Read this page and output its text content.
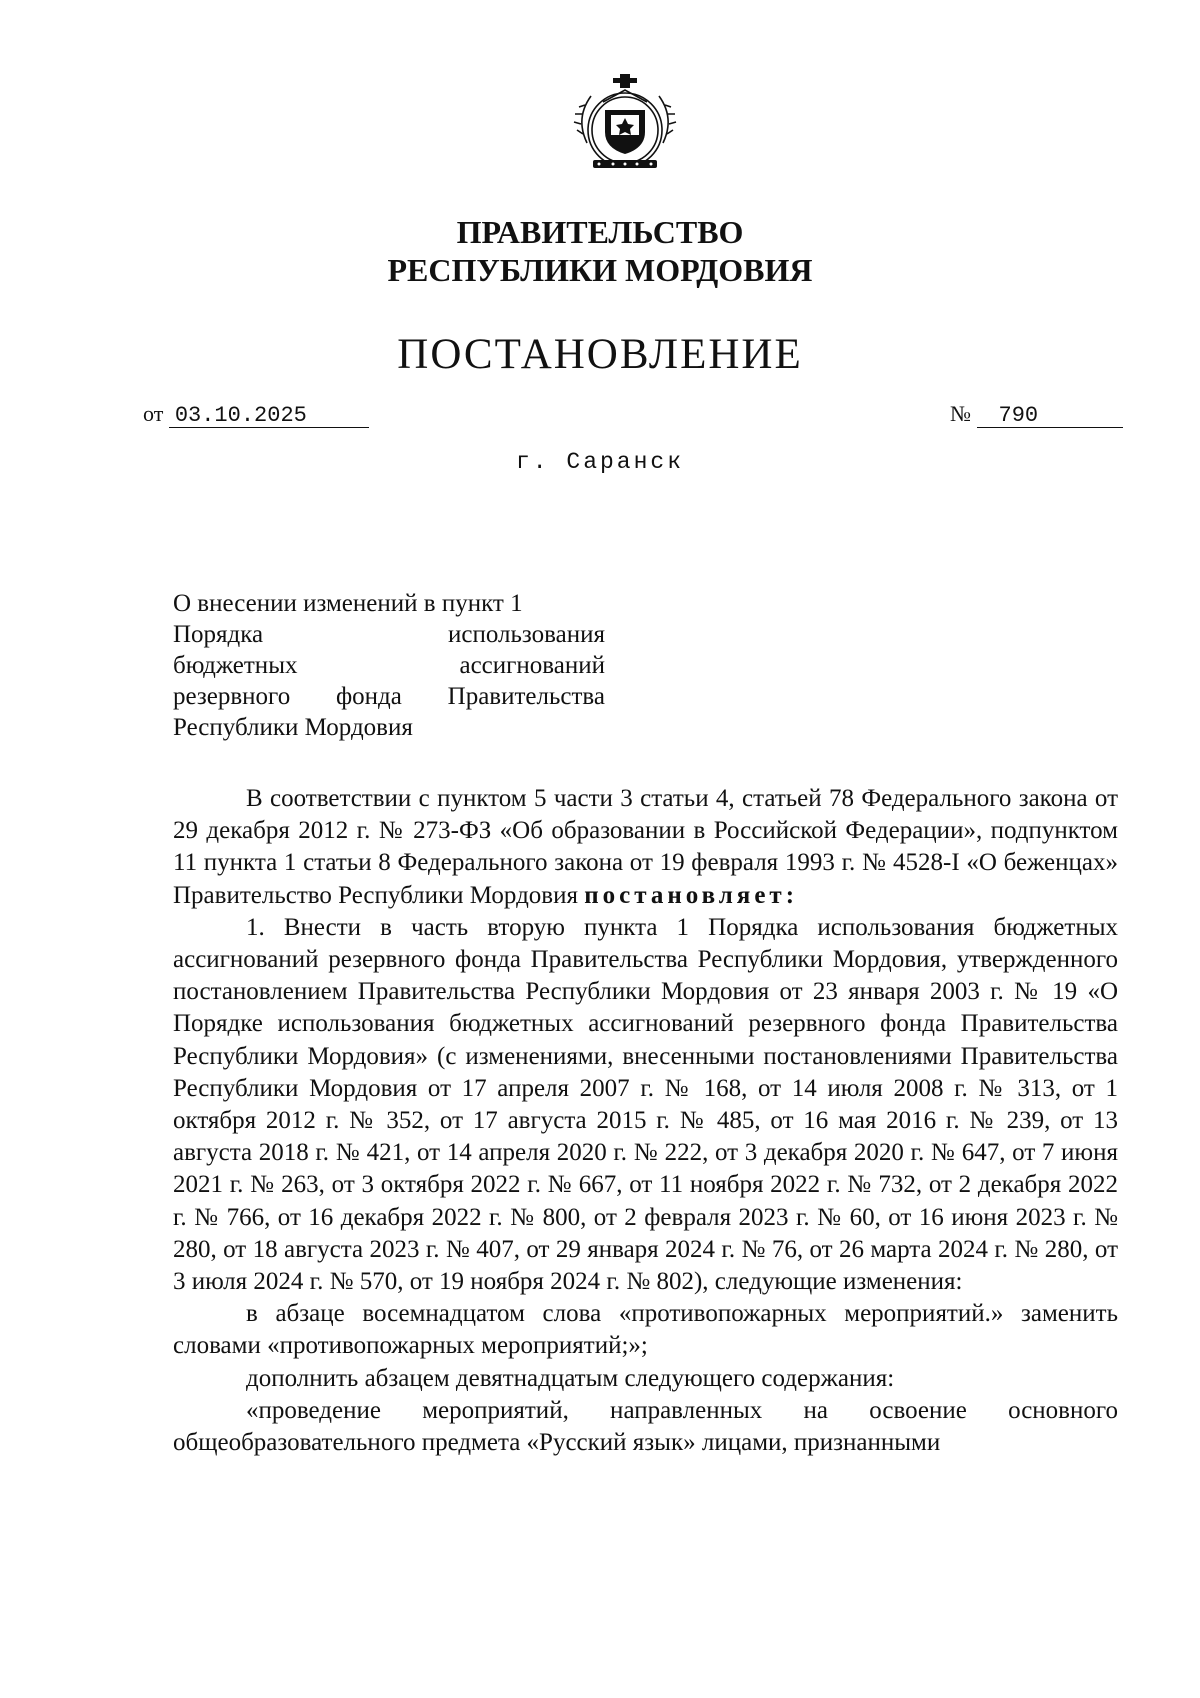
ПРАВИТЕЛЬСТВО
РЕСПУБЛИКИ МОРДОВИЯ
ПОСТАНОВЛЕНИЕ
от 03.10.2025	№ 790
г. Саранск
О внесении изменений в пункт 1
Порядка	использования
бюджетных	ассигнований
резервного фонда Правительства
Республики Мордовия

В соответствии с пунктом 5 части 3 статьи 4, статьей 78 Федерального закона от 29 декабря 2012 г. № 273-ФЗ «Об образовании в Российской Федерации», подпунктом 11 пункта 1 статьи 8 Федерального закона от 19 февраля 1993 г. № 4528-I «О беженцах» Правительство Республики Мордовия постановляет:

1. Внести в часть вторую пункта 1 Порядка использования бюджетных ассигнований резервного фонда Правительства Республики Мордовия, утвержденного постановлением Правительства Республики Мордовия от 23 января 2003 г. № 19 «О Порядке использования бюджетных ассигнований резервного фонда Правительства Республики Мордовия» (с изменениями, внесенными постановлениями Правительства Республики Мордовия от 17 апреля 2007 г. № 168, от 14 июля 2008 г. № 313, от 1 октября 2012 г. № 352, от 17 августа 2015 г. № 485, от 16 мая 2016 г. № 239, от 13 августа 2018 г. № 421, от 14 апреля 2020 г. № 222, от 3 декабря 2020 г. № 647, от 7 июня 2021 г. № 263, от 3 октября 2022 г. № 667, от 11 ноября 2022 г. № 732, от 2 декабря 2022 г. № 766, от 16 декабря 2022 г. № 800, от 2 февраля 2023 г. № 60, от 16 июня 2023 г. № 280, от 18 августа 2023 г. № 407, от 29 января 2024 г. № 76, от 26 марта 2024 г. № 280, от 3 июля 2024 г. № 570, от 19 ноября 2024 г. № 802), следующие изменения:

в абзаце восемнадцатом слова «противопожарных мероприятий.» заменить словами «противопожарных мероприятий;»;

дополнить абзацем девятнадцатым следующего содержания:

«проведение мероприятий, направленных на освоение основного общеобразовательного предмета «Русский язык» лицами, признанными
